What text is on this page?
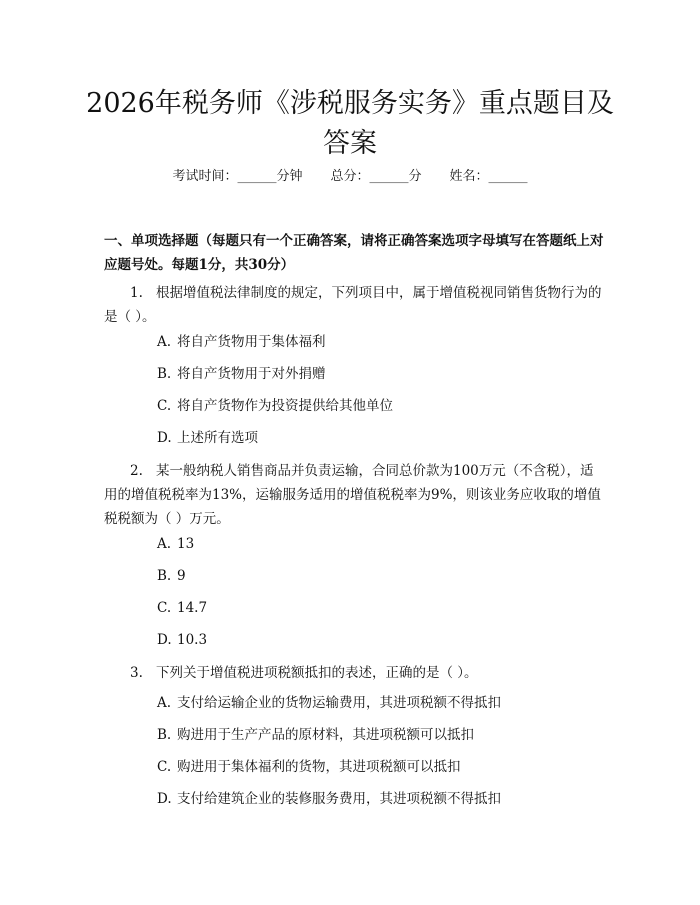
2026年税务师《涉税服务实务》重点题目及
答案
考试时间：______分钟 总分：______分 姓名：______
一、单项选择题（每题只有一个正确答案，请将正确答案选项字母填写在答题纸上对应题号处。每题1分，共30分）
1. 根据增值税法律制度的规定，下列项目中，属于增值税视同销售货物行为的是（ ）。
A. 将自产货物用于集体福利
B. 将自产货物用于对外捐赠
C. 将自产货物作为投资提供给其他单位
D. 上述所有选项
2. 某一般纳税人销售商品并负责运输，合同总价款为100万元（不含税），适用的增值税税率为13%，运输服务适用的增值税税率为9%，则该业务应收取的增值税税额为（ ）万元。
A. 13
B. 9
C. 14.7
D. 10.3
3. 下列关于增值税进项税额抵扣的表述，正确的是（ ）。
A. 支付给运输企业的货物运输费用，其进项税额不得抵扣
B. 购进用于生产产品的原材料，其进项税额可以抵扣
C. 购进用于集体福利的货物，其进项税额可以抵扣
D. 支付给建筑企业的装修服务费用，其进项税额不得抵扣
